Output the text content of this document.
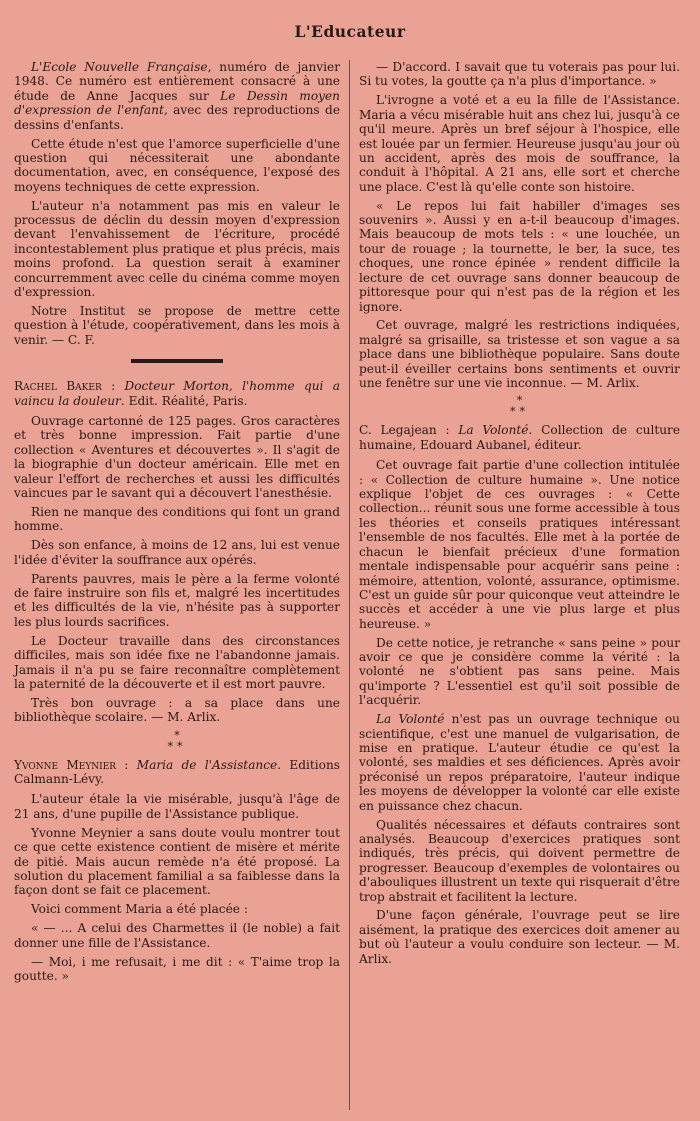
L'Educateur

L'Ecole Nouvelle Française, numéro de janvier 1948. Ce numéro est entièrement consacré à une étude de Anne Jacques sur Le Dessin moyen d'expression de l'enfant, avec des reproductions de dessins d'enfants.

Cette étude n'est que l'amorce superficielle d'une question qui nécessiterait une abondante documentation, avec, en conséquence, l'exposé des moyens techniques de cette expression.

L'auteur n'a notamment pas mis en valeur le processus de déclin du dessin moyen d'expression devant l'envahissement de l'écriture, procédé incontestablement plus pratique et plus précis, mais moins profond. La question serait à examiner concurremment avec celle du cinéma comme moyen d'expression.

Notre Institut se propose de mettre cette question à l'étude, coopérativement, dans les mois à venir. — C. F.

Rachel Baker : Docteur Morton, l'homme qui a vaincu la douleur. Edit. Réalité, Paris.

Ouvrage cartonné de 125 pages. Gros caractères et très bonne impression. Fait partie d'une collection « Aventures et découvertes ». Il s'agit de la biographie d'un docteur américain. Elle met en valeur l'effort de recherches et aussi les difficultés vaincues par le savant qui a découvert l'anesthésie.

Rien ne manque des conditions qui font un grand homme.

Dès son enfance, à moins de 12 ans, lui est venue l'idée d'éviter la souffrance aux opérés.

Parents pauvres, mais le père a la ferme volonté de faire instruire son fils et, malgré les incertitudes et les difficultés de la vie, n'hésite pas à supporter les plus lourds sacrifices.

Le Docteur travaille dans des circonstances difficiles, mais son idée fixe ne l'abandonne jamais. Jamais il n'a pu se faire reconnaître complètement la paternité de la découverte et il est mort pauvre.

Très bon ouvrage : a sa place dans une bibliothèque scolaire. — M. Arlix.

*
**

Yvonne Meynier : Maria de l'Assistance. Editions Calmann-Lévy.

L'auteur étale la vie misérable, jusqu'à l'âge de 21 ans, d'une pupille de l'Assistance publique.

Yvonne Meynier a sans doute voulu montrer tout ce que cette existence contient de misère et mérite de pitié. Mais aucun remède n'a été proposé. La solution du placement familial a sa faiblesse dans la façon dont se fait ce placement.

Voici comment Maria a été placée :

« — ... A celui des Charmettes il (le noble) a fait donner une fille de l'Assistance.

— Moi, i me refusait, i me dit : « T'aime trop la goutte. »

— D'accord. I savait que tu voterais pas pour lui. Si tu votes, la goutte ça n'a plus d'importance. »

L'ivrogne a voté et a eu la fille de l'Assistance. Maria a vécu misérable huit ans chez lui, jusqu'à ce qu'il meure. Après un bref séjour à l'hospice, elle est louée par un fermier. Heureuse jusqu'au jour où un accident, après des mois de souffrance, la conduit à l'hôpital. A 21 ans, elle sort et cherche une place. C'est là qu'elle conte son histoire.

« Le repos lui fait habiller d'images ses souvenirs ». Aussi y en a-t-il beaucoup d'images. Mais beaucoup de mots tels : « une louchée, un tour de rouage ; la tournette, le ber, la suce, tes choques, une ronce épinée » rendent difficile la lecture de cet ouvrage sans donner beaucoup de pittoresque pour qui n'est pas de la région et les ignore.

Cet ouvrage, malgré les restrictions indiquées, malgré sa grisaille, sa tristesse et son vague a sa place dans une bibliothèque populaire. Sans doute peut-il éveiller certains bons sentiments et ouvrir une fenêtre sur une vie inconnue. — M. Arlix.

*
**

C. Legajean : La Volonté. Collection de culture humaine, Edouard Aubanel, éditeur.

Cet ouvrage fait partie d'une collection intitulée : « Collection de culture humaine ». Une notice explique l'objet de ces ouvrages : « Cette collection... réunit sous une forme accessible à tous les théories et conseils pratiques intéressant l'ensemble de nos facultés. Elle met à la portée de chacun le bienfait précieux d'une formation mentale indispensable pour acquérir sans peine : mémoire, attention, volonté, assurance, optimisme. C'est un guide sûr pour quiconque veut atteindre le succès et accéder à une vie plus large et plus heureuse. »

De cette notice, je retranche « sans peine » pour avoir ce que je considère comme la vérité : la volonté ne s'obtient pas sans peine. Mais qu'importe ? L'essentiel est qu'il soit possible de l'acquérir.

La Volonté n'est pas un ouvrage technique ou scientifique, c'est une manuel de vulgarisation, de mise en pratique. L'auteur étudie ce qu'est la volonté, ses maldies et ses déficiences. Après avoir préconisé un repos préparatoire, l'auteur indique les moyens de développer la volonté car elle existe en puissance chez chacun.

Qualités nécessaires et défauts contraires sont analysés. Beaucoup d'exercices pratiques sont indiqués, très précis, qui doivent permettre de progresser. Beaucoup d'exemples de volontaires ou d'abouliques illustrent un texte qui risquerait d'être trop abstrait et facilitent la lecture.

D'une façon générale, l'ouvrage peut se lire aisément, la pratique des exercices doit amener au but où l'auteur a voulu conduire son lecteur. — M. Arlix.
